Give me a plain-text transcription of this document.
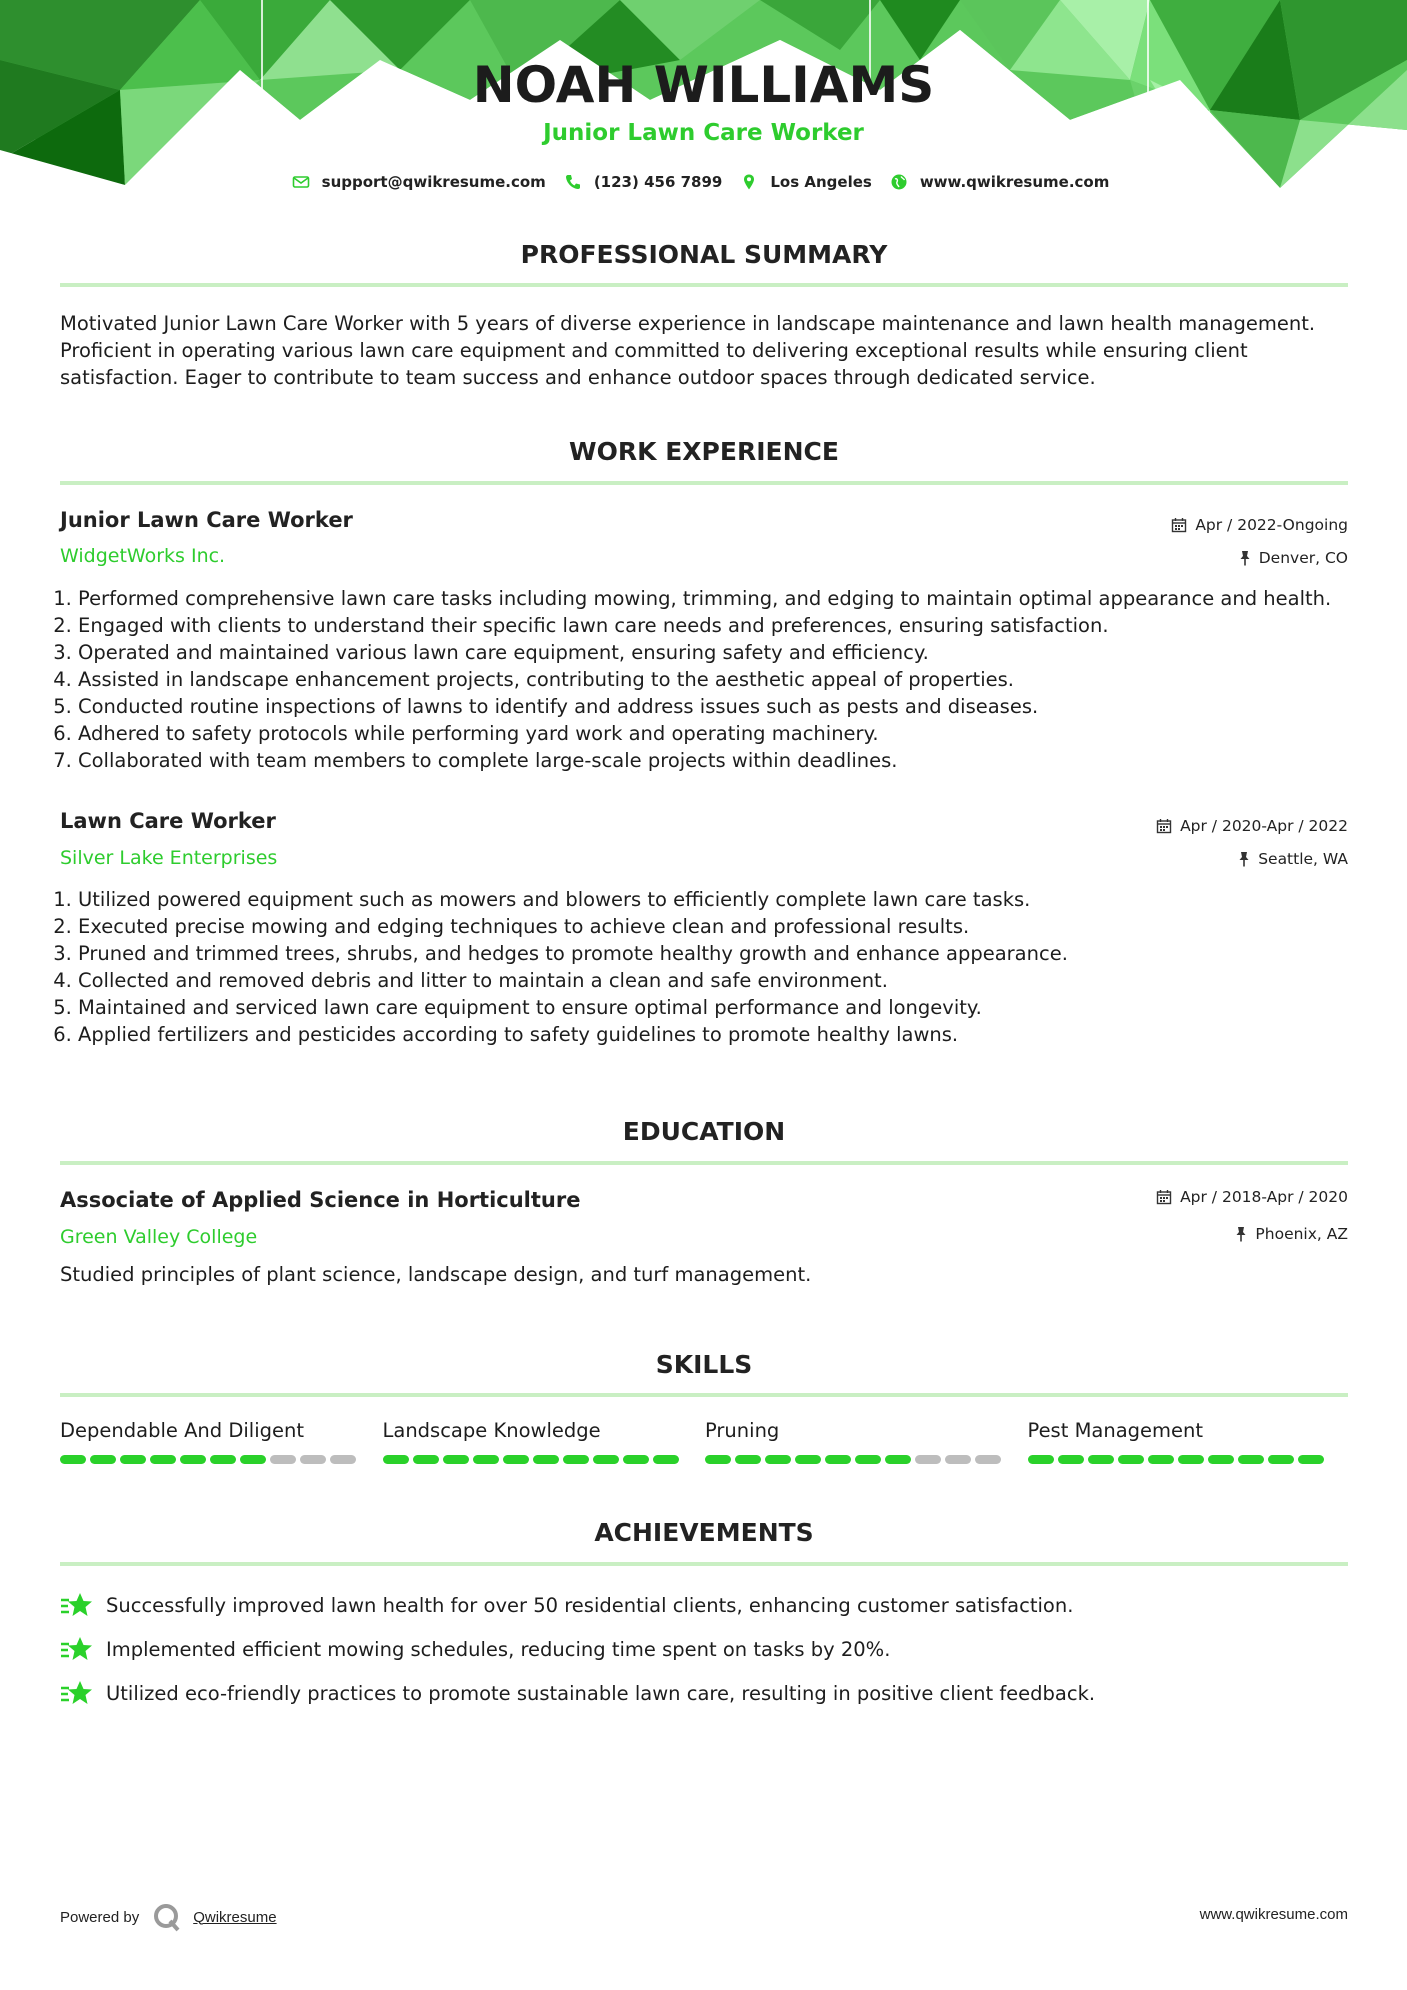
NOAH WILLIAMS
Junior Lawn Care Worker
support@qwikresume.com	(123) 456 7899	Los Angeles	www.qwikresume.com
PROFESSIONAL SUMMARY
Motivated Junior Lawn Care Worker with 5 years of diverse experience in landscape maintenance and lawn health management.
Proficient in operating various lawn care equipment and committed to delivering exceptional results while ensuring client
satisfaction. Eager to contribute to team success and enhance outdoor spaces through dedicated service.
WORK EXPERIENCE
Junior Lawn Care Worker
WidgetWorks Inc.
Apr / 2022-Ongoing
Denver, CO
1. Performed comprehensive lawn care tasks including mowing, trimming, and edging to maintain optimal appearance and health.
2. Engaged with clients to understand their specific lawn care needs and preferences, ensuring satisfaction.
3. Operated and maintained various lawn care equipment, ensuring safety and efficiency.
4. Assisted in landscape enhancement projects, contributing to the aesthetic appeal of properties.
5. Conducted routine inspections of lawns to identify and address issues such as pests and diseases.
6. Adhered to safety protocols while performing yard work and operating machinery.
7. Collaborated with team members to complete large-scale projects within deadlines.
Lawn Care Worker
Silver Lake Enterprises
Apr / 2020-Apr / 2022
Seattle, WA
1. Utilized powered equipment such as mowers and blowers to efficiently complete lawn care tasks.
2. Executed precise mowing and edging techniques to achieve clean and professional results.
3. Pruned and trimmed trees, shrubs, and hedges to promote healthy growth and enhance appearance.
4. Collected and removed debris and litter to maintain a clean and safe environment.
5. Maintained and serviced lawn care equipment to ensure optimal performance and longevity.
6. Applied fertilizers and pesticides according to safety guidelines to promote healthy lawns.
EDUCATION
Associate of Applied Science in Horticulture
Green Valley College
Apr / 2018-Apr / 2020
Phoenix, AZ
Studied principles of plant science, landscape design, and turf management.
SKILLS
Dependable And Diligent	Landscape Knowledge	Pruning	Pest Management
ACHIEVEMENTS
Successfully improved lawn health for over 50 residential clients, enhancing customer satisfaction.
Implemented efficient mowing schedules, reducing time spent on tasks by 20%.
Utilized eco-friendly practices to promote sustainable lawn care, resulting in positive client feedback.
Powered by	Qwikresume	www.qwikresume.com
